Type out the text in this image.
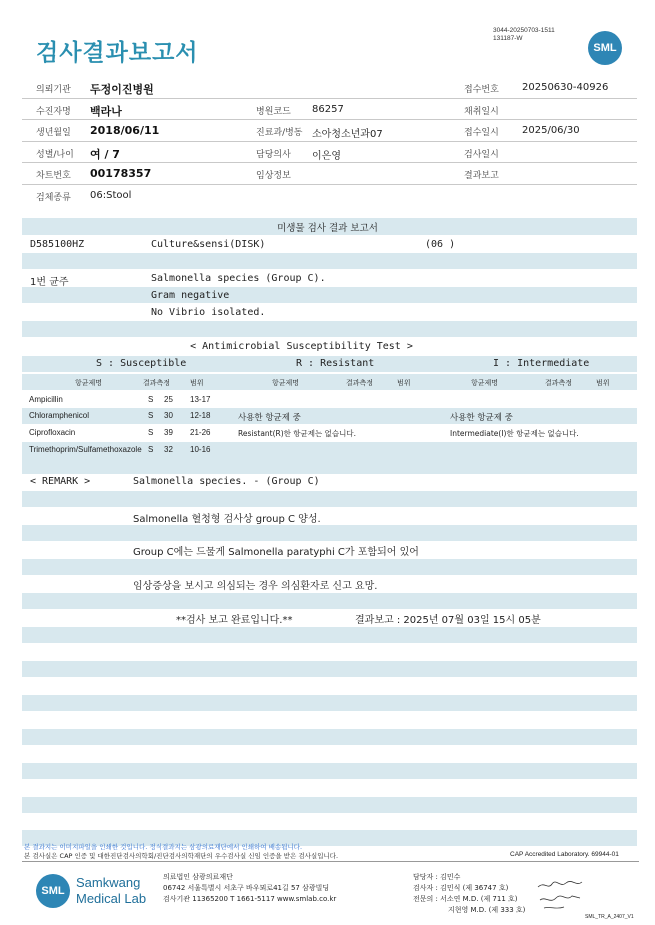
검사결과보고서
3044-20250703-1511
131187-W
SML
의뢰기관 두정이진병원	접수번호 20250630-40926
수진자명 백라나	병원코드 86257	채취일시
생년월일 2018/06/11	진료과/병동 소아청소년과07	접수일시 2025/06/30
성별/나이 여 / 7	담당의사 이은영	검사일시
차트번호 00178357	임상정보	결과보고
검체종류 06:Stool
미생물 검사 결과 보고서
D585100HZ	Culture&sensi(DISK)	(06 )
1번 균주	Salmonella species (Group C).
Gram negative
No Vibrio isolated.
< Antimicrobial Susceptibility Test >
S : Susceptible	R : Resistant	I : Intermediate
항균제명	결과측정	범위	항균제명	결과측정	범위	항균제명	결과측정	범위
Ampicillin	S 25 13-17
Chloramphenicol	S 30 12-18
Ciprofloxacin	S 39 21-26
Trimethoprim/Sulfamethoxazole S 32 10-16
사용한 항균제 중	사용한 항균제 중
Resistant(R)한 항균제는 없습니다.	Intermediate(I)한 항균제는 없습니다.
< REMARK >	Salmonella species. - (Group C)
Salmonella 혈청형 검사상 group C 양성.
Group C에는 드물게 Salmonella paratyphi C가 포함되어 있어
임상증상을 보시고 의심되는 경우 의심환자로 신고 요망.
**검사 보고 완료입니다.**	결과보고 : 2025년 07월 03일 15시 05분
본 결과지는 이미지파일을 인쇄한 것입니다. 정식결과지는 삼광의료재단에서 인쇄하여 배송됩니다.
본 검사실은 CAP 인증 및 대한진단검사의학회/진단검사의학재단의 우수검사실 신임 인증을 받은 검사실입니다.	CAP Accredited Laboratory. 69944-01
SML
Samkwang
Medical Lab
의료법인 삼광의료재단
06742 서울특별시 서초구 바우뫼로41길 57 삼광빌딩
검사기관 11365200 T 1661-5117 www.smlab.co.kr
담당자 : 김민수
검사자 : 김민식 (제 36747 호)
전문의 : 서소연 M.D. (제 711 호)
지현영 M.D. (제 333 호)
SML_TR_A_2407_V1
